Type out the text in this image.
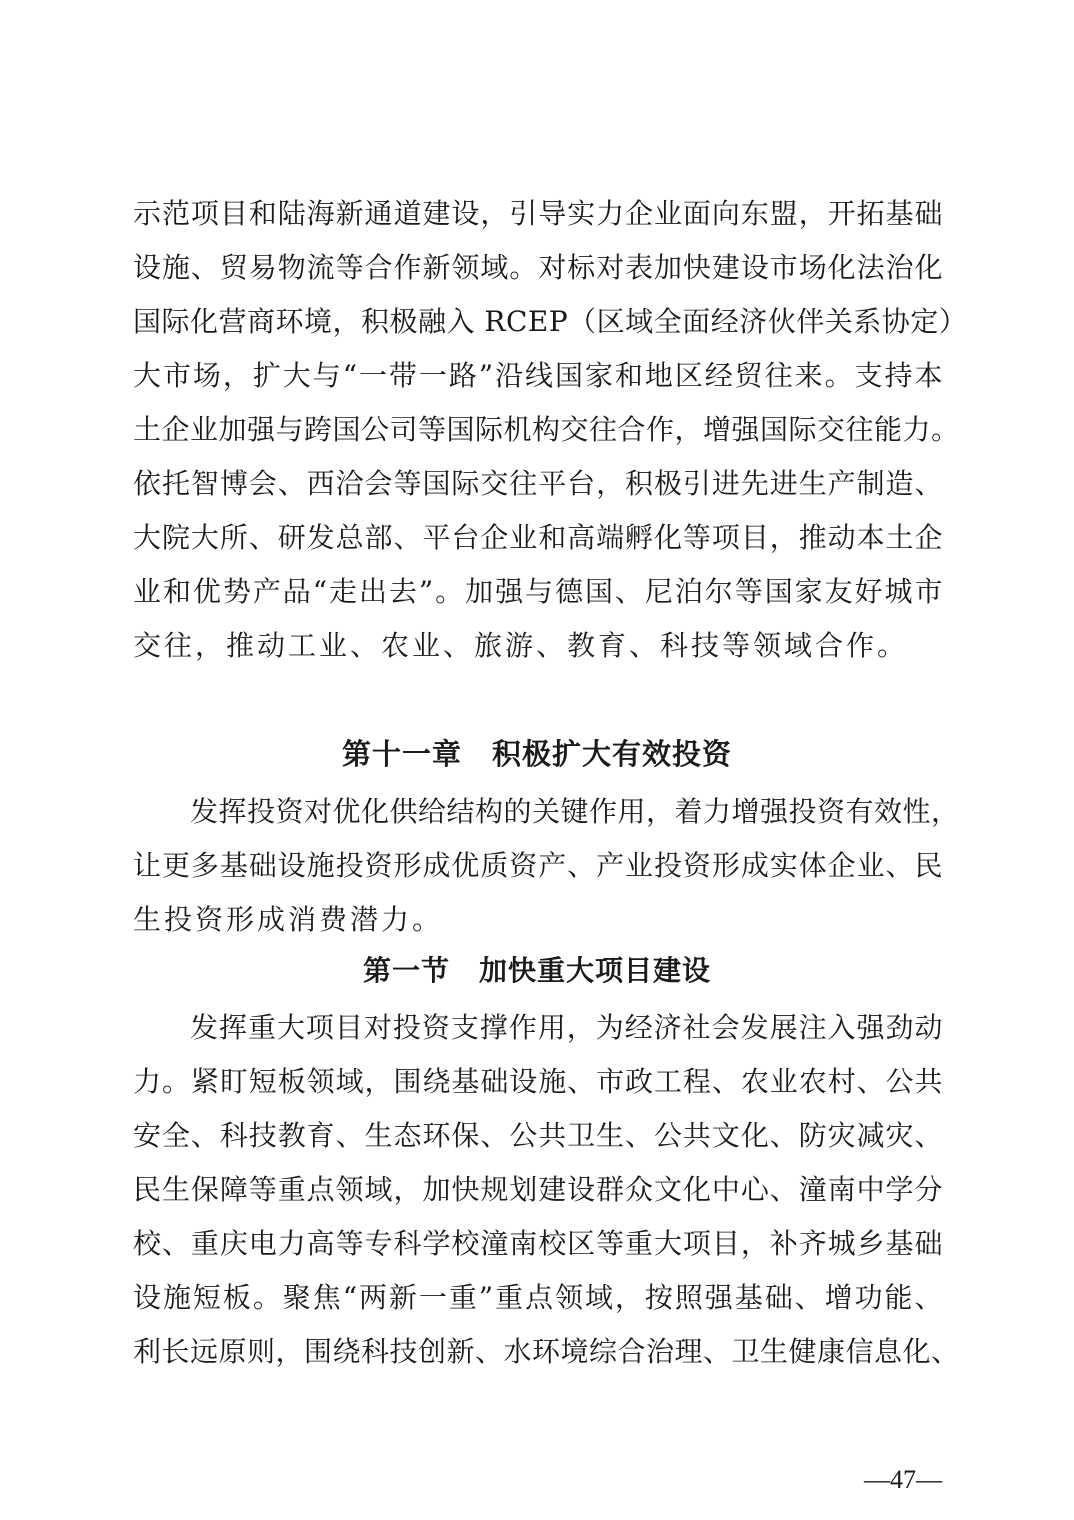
示范项目和陆海新通道建设，引导实力企业面向东盟，开拓基础
设施、贸易物流等合作新领域。对标对表加快建设市场化法治化
国际化营商环境，积极融入 RCEP（区域全面经济伙伴关系协定）
大市场，扩大与“一带一路”沿线国家和地区经贸往来。支持本
土企业加强与跨国公司等国际机构交往合作，增强国际交往能力。
依托智博会、西洽会等国际交往平台，积极引进先进生产制造、
大院大所、研发总部、平台企业和高端孵化等项目，推动本土企
业和优势产品“走出去”。加强与德国、尼泊尔等国家友好城市
交往，推动工业、农业、旅游、教育、科技等领域合作。
第十一章　积极扩大有效投资
发挥投资对优化供给结构的关键作用，着力增强投资有效性，
让更多基础设施投资形成优质资产、产业投资形成实体企业、民
生投资形成消费潜力。
第一节　加快重大项目建设
发挥重大项目对投资支撑作用，为经济社会发展注入强劲动
力。紧盯短板领域，围绕基础设施、市政工程、农业农村、公共
安全、科技教育、生态环保、公共卫生、公共文化、防灾减灾、
民生保障等重点领域，加快规划建设群众文化中心、潼南中学分
校、重庆电力高等专科学校潼南校区等重大项目，补齐城乡基础
设施短板。聚焦“两新一重”重点领域，按照强基础、增功能、
利长远原则，围绕科技创新、水环境综合治理、卫生健康信息化、
—47—
